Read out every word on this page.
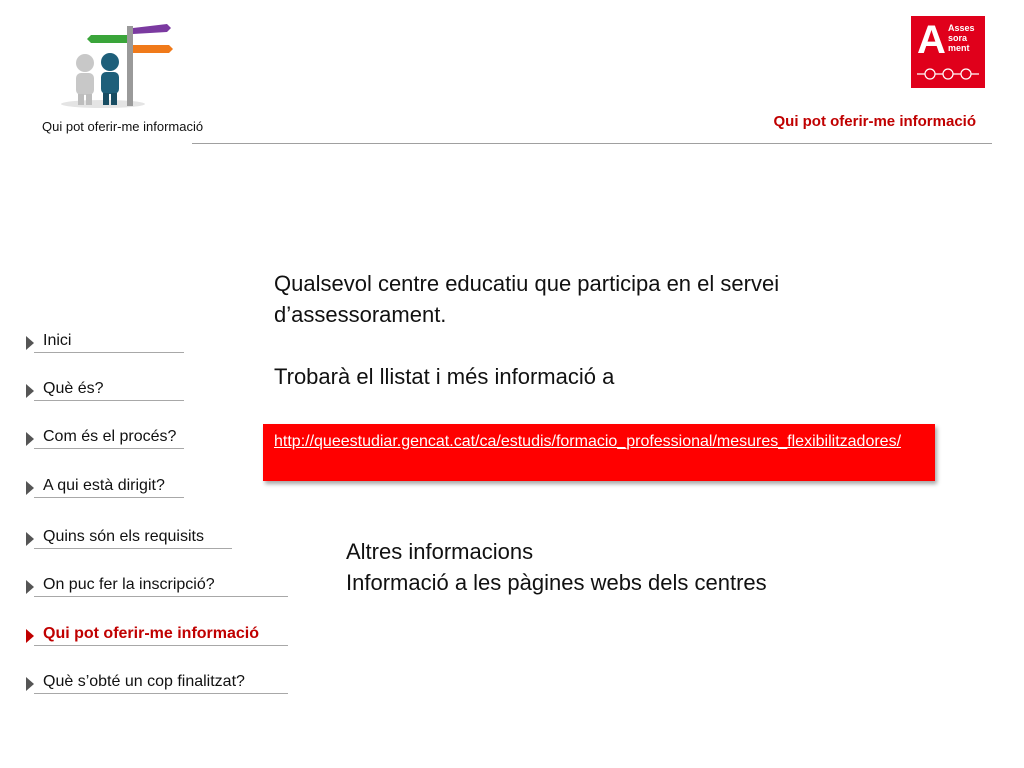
Qui pot oferir-me informació
A Asses
sora
ment
Qui pot oferir-me informació
Inici
Què és?
Com és el procés?
A qui està dirigit?
Quins són els requisits
On puc fer la inscripció?
Qui pot oferir-me informació
Què s’obté un cop finalitzat?

Qualsevol centre educatiu que participa en el servei d’assessorament.

Trobarà el llistat i més informació a

http://queestudiar.gencat.cat/ca/estudis/formacio_professional/mesures_flexibilitzadores/

Altres informacions

Informació a les pàgines webs dels centres
